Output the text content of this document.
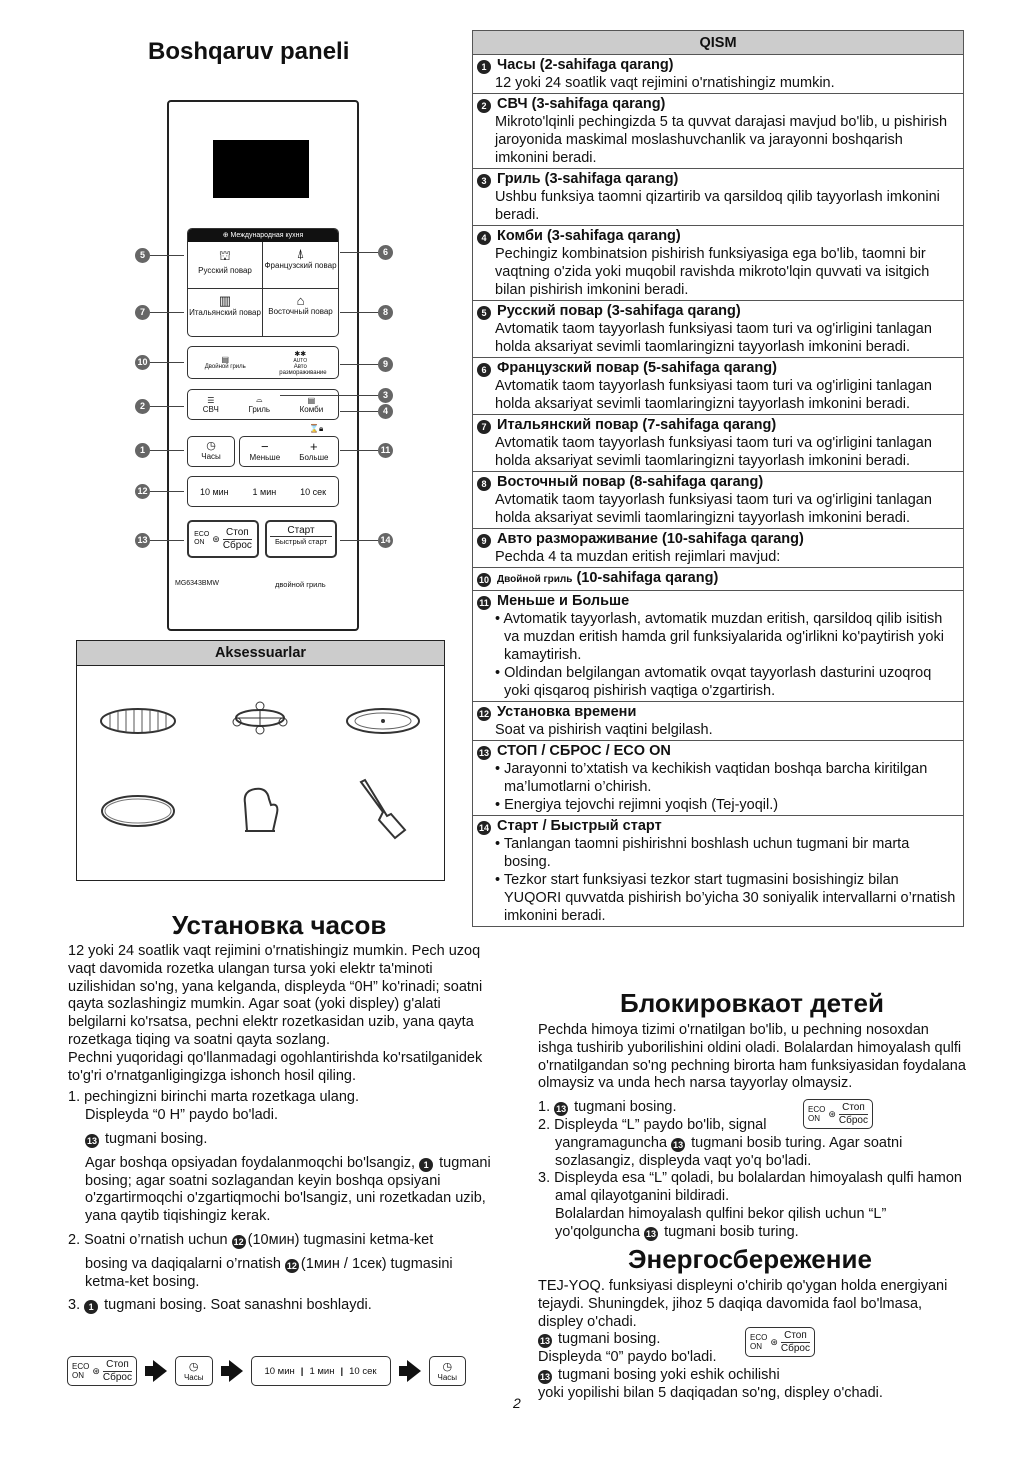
Boshqaruv paneli
⊕ Международная кухня
⛫
Русский повар
⍋
Французский повар
▥
Итальянский повар
⌂
Восточный повар
▤
Двойной гриль
✱✱
AUTO
Авто размораживание
☰
СВЧ
⌓
Гриль
▤
Комби
⌛🔒︎
◷
Часы
−
Меньше
+
Больше
10 мин	1 мин	10 сек
ECO
ON ⊛
Стоп
Сброс
Старт
Быстрый старт
MG6343BMW	двойной гриль
5	6
7	8
10	9
3
2	4
1	11
12
13	14
Aksessuarlar
Установка часов

12 yoki 24 soatlik vaqt rejimini o'rnatishingiz mumkin. Pech uzoq vaqt davomida rozetka ulangan tursa yoki elektr ta'minoti uzilishidan so'ng, yana kelganda, displeyda “0H” ko'rinadi; soatni qayta sozlashingiz mumkin. Agar soat (yoki displey) g'alati belgilarni ko'rsatsa, pechni elektr rozetkasidan uzib, yana qayta rozetkaga tiqing va soatni qayta sozlang.

Pechni yuqoridagi qo'llanmadagi ogohlantirishda ko'rsatilganidek to'g'ri o'rnatganligingizga ishonch hosil qiling.

1. pechingizni birinchi marta rozetkaga ulang.

Displeyda “0 H” paydo bo'ladi.

13 tugmani bosing.

Agar boshqa opsiyadan foydalanmoqchi bo'lsangiz, 1 tugmani bosing; agar soatni sozlagandan keyin boshqa opsiyani o'zgartirmoqchi o'zgartiqmochi bo'lsangiz, uni rozetkadan uzib, yana qaytib tiqishingiz kerak.

2. Soatni o’rnatish uchun 12 (10мин) tugmasini ketma-ket

bosing va daqiqalarni o’rnatish 12 (1мин / 1сек) tugmasini ketma-ket bosing.

3. 1 tugmani bosing. Soat sanashni boshlaydi.

ECO
ON ⊛
Стоп
Сброс
◷
Часы
10 мин | 1 мин | 10 сек	◷
Часы
QISM
1 Часы (2-sahifaga qarang)
12 yoki 24 soatlik vaqt rejimini o'rnatishingiz mumkin.
2 СВЧ (3-sahifaga qarang)
Mikroto'lqinli pechingizda 5 ta quvvat darajasi mavjud bo'lib, u pishirish jaroyonida maskimal moslashuvchanlik va jarayonni boshqarish imkonini beradi.
3 Гриль (3-sahifaga qarang)
Ushbu funksiya taomni qizartirib va qarsildoq qilib tayyorlash imkonini beradi.
4 Комби (3-sahifaga qarang)
Pechingiz kombinatsion pishirish funksiyasiga ega bo'lib, taomni bir vaqtning o'zida yoki muqobil ravishda mikroto'lqin quvvati va isitgich bilan pishirish imkonini beradi.
5 Русский повар (3-sahifaga qarang)
Avtomatik taom tayyorlash funksiyasi taom turi va og'irligini tanlagan holda aksariyat sevimli taomlaringizni tayyorlash imkonini beradi.
6 Французский повар (5-sahifaga qarang)
Avtomatik taom tayyorlash funksiyasi taom turi va og'irligini tanlagan holda aksariyat sevimli taomlaringizni tayyorlash imkonini beradi.
7 Итальянский повар (7-sahifaga qarang)
Avtomatik taom tayyorlash funksiyasi taom turi va og'irligini tanlagan holda aksariyat sevimli taomlaringizni tayyorlash imkonini beradi.
8 Восточный повар (8-sahifaga qarang)
Avtomatik taom tayyorlash funksiyasi taom turi va og'irligini tanlagan holda aksariyat sevimli taomlaringizni tayyorlash imkonini beradi.
9 Авто размораживание (10-sahifaga qarang)
Pechda 4 ta muzdan eritish rejimlari mavjud:
10 Двойной гриль (10-sahifaga qarang)
11 Меньше и Больше
• Avtomatik tayyorlash, avtomatik muzdan eritish, qarsildoq qilib isitish va muzdan eritish hamda gril funksiyalarida og'irlikni ko'paytirish yoki kamaytirish.
• Oldindan belgilangan avtomatik ovqat tayyorlash dasturini uzoqroq yoki qisqaroq pishirish vaqtiga o'zgartirish.
12 Установка времени
Soat va pishirish vaqtini belgilash.
13 СТОП / СБРОС / ECO ON
• Jarayonni to’xtatish va kechikish vaqtidan boshqa barcha kiritilgan ma’lumotlarni o’chirish.
• Energiya tejovchi rejimni yoqish (Tej-yoqil.)
14 Старт / Быстрый старт
• Tanlangan taomni pishirishni boshlash uchun tugmani bir marta bosing.
• Tezkor start funksiyasi tezkor start tugmasini bosishingiz bilan YUQORI quvvatda pishirish bo’yicha 30 soniyalik intervallarni o’rnatish imkonini beradi.
Блокировкаот детей

Pechda himoya tizimi o'rnatilgan bo'lib, u pechning nosoxdan ishga tushirib yuborilishini oldini oladi. Bolalardan himoyalash qulfi o'rnatilgandan so'ng pechning birorta ham funksiyasidan foydalana olmaysiz va unda hech narsa tayyorlay olmaysiz.

1. 13 tugmani bosing.

2. Displeyda “L” paydo bo'lib, signal

yangramaguncha 13 tugmani bosib turing. Agar soatni sozlasangiz, displeyda vaqt yo'q bo'ladi.

3. Displeyda esa “L” qoladi, bu bolalardan himoyalash qulfi hamon amal qilayotganini bildiradi.

Bolalardan himoyalash qulfini bekor qilish uchun “L” yo'qolguncha 13 tugmani bosib turing.

ECO
ON ⊛
Стоп
Сброс
Энергосбережение

TEJ-YOQ. funksiyasi displeyni o'chirib qo'ygan holda energiyani tejaydi. Shuningdek, jihoz 5 daqiqa davomida faol bo'lmasa, displey o'chadi.

13 tugmani bosing.

Displeyda “0” paydo bo'ladi.

13 tugmani bosing yoki eshik ochilishi

yoki yopilishi bilan 5 daqiqadan so'ng, displey o'chadi.

ECO
ON ⊛
Стоп
Сброс
2
